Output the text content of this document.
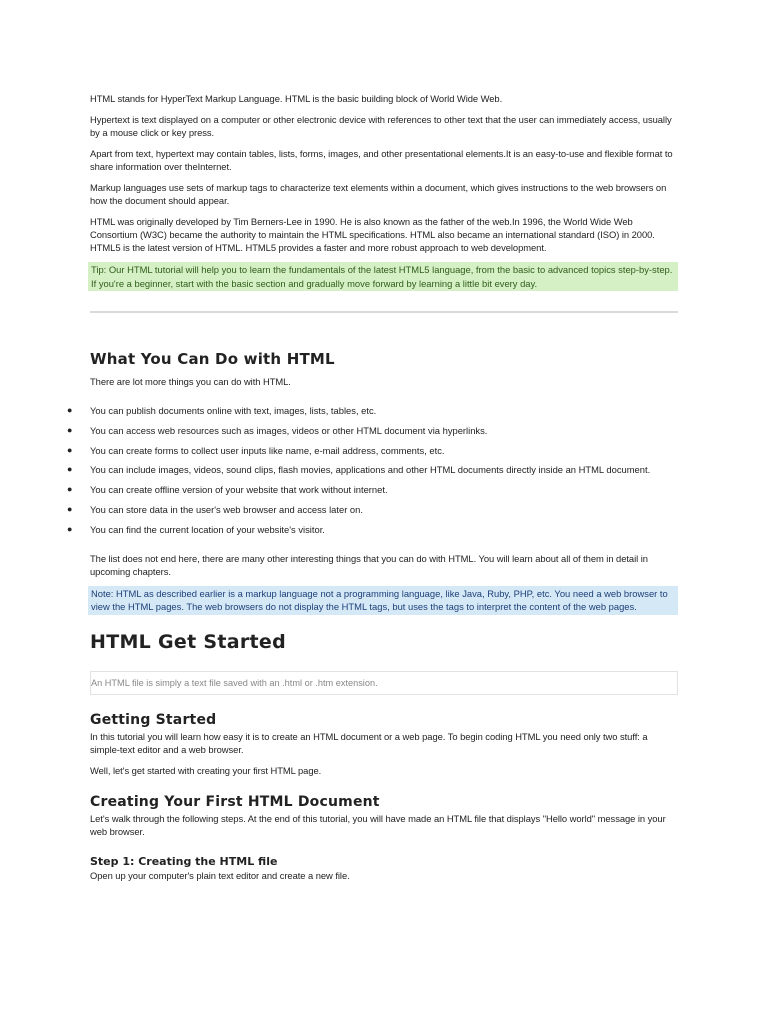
HTML stands for HyperText Markup Language. HTML is the basic building block of World Wide Web.

Hypertext is text displayed on a computer or other electronic device with references to other text that the user can immediately access, usually by a mouse click or key press.

Apart from text, hypertext may contain tables, lists, forms, images, and other presentational elements.It is an easy-to-use and flexible format to share information over theInternet.

Markup languages use sets of markup tags to characterize text elements within a document, which gives instructions to the web browsers on how the document should appear.

HTML was originally developed by Tim Berners-Lee in 1990. He is also known as the father of the web.In 1996, the World Wide Web Consortium (W3C) became the authority to maintain the HTML specifications. HTML also became an international standard (ISO) in 2000. HTML5 is the latest version of HTML. HTML5 provides a faster and more robust approach to web development.

Tip: Our HTML tutorial will help you to learn the fundamentals of the latest HTML5 language, from the basic to advanced topics step-by-step. If you're a beginner, start with the basic section and gradually move forward by learning a little bit every day.
What You Can Do with HTML

There are lot more things you can do with HTML.

● You can publish documents online with text, images, lists, tables, etc.
● You can access web resources such as images, videos or other HTML document via hyperlinks.
● You can create forms to collect user inputs like name, e-mail address, comments, etc.
● You can include images, videos, sound clips, flash movies, applications and other HTML documents directly inside an HTML document.
● You can create offline version of your website that work without internet.
● You can store data in the user's web browser and access later on.
● You can find the current location of your website's visitor.

The list does not end here, there are many other interesting things that you can do with HTML. You will learn about all of them in detail in upcoming chapters.

Note: HTML as described earlier is a markup language not a programming language, like Java, Ruby, PHP, etc. You need a web browser to view the HTML pages. The web browsers do not display the HTML tags, but uses the tags to interpret the content of the web pages.
HTML Get Started
An HTML file is simply a text file saved with an .html or .htm extension.
Getting Started

In this tutorial you will learn how easy it is to create an HTML document or a web page. To begin coding HTML you need only two stuff: a simple-text editor and a web browser.

Well, let's get started with creating your first HTML page.

Creating Your First HTML Document

Let's walk through the following steps. At the end of this tutorial, you will have made an HTML file that displays "Hello world" message in your web browser.

Step 1: Creating the HTML file

Open up your computer's plain text editor and create a new file.
